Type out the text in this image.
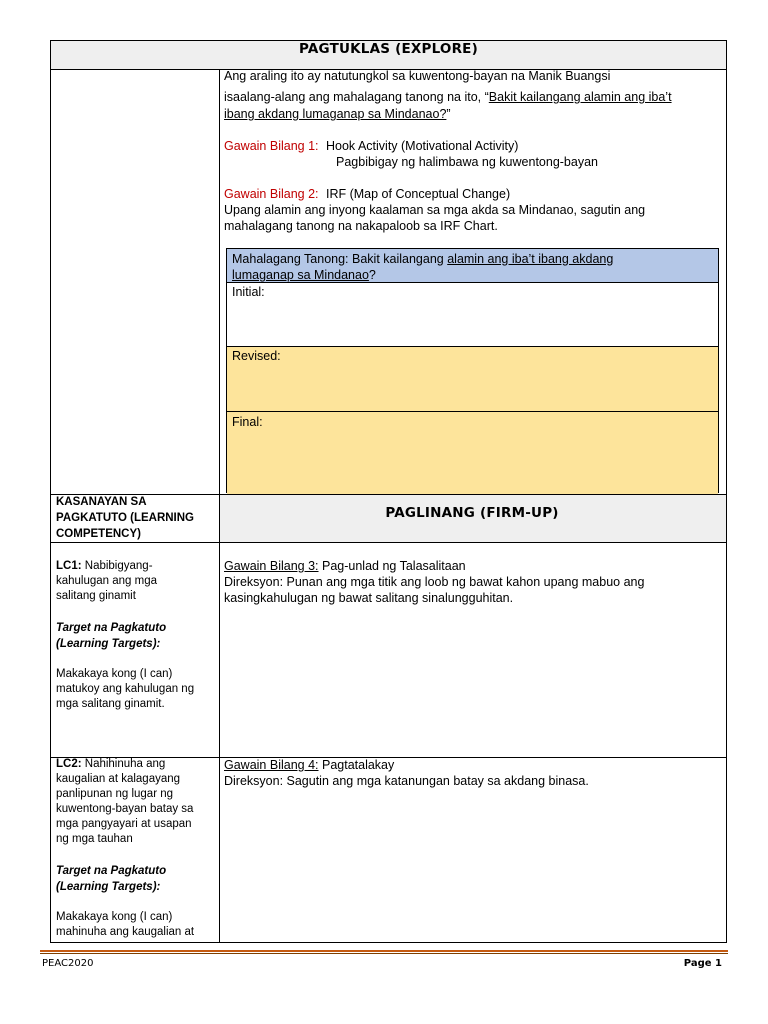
PAGTUKLAS (EXPLORE)
Ang araling ito ay natutungkol sa kuwentong-bayan na Manik Buangsi
isaalang-alang ang mahalagang tanong na ito, “Bakit kailangang alamin ang iba’t
ibang akdang lumaganap sa Mindanao?”
Gawain Bilang 1: Hook Activity (Motivational Activity)
Pagbibigay ng halimbawa ng kuwentong-bayan
Gawain Bilang 2: IRF (Map of Conceptual Change)
Upang alamin ang inyong kaalaman sa mga akda sa Mindanao, sagutin ang
mahalagang tanong na nakapaloob sa IRF Chart.
Mahalagang Tanong: Bakit kailangang alamin ang iba’t ibang akdang
lumaganap sa Mindanao?
Initial:
Revised:
Final:
KASANAYAN SA
PAGKATUTO (LEARNING
COMPETENCY)
PAGLINANG (FIRM-UP)
LC1: Nabibigyang-
kahulugan ang mga
salitang ginamit
Target na Pagkatuto
(Learning Targets):
Makakaya kong (I can)
matukoy ang kahulugan ng
mga salitang ginamit.
Gawain Bilang 3: Pag-unlad ng Talasalitaan
Direksyon: Punan ang mga titik ang loob ng bawat kahon upang mabuo ang
kasingkahulugan ng bawat salitang sinalungguhitan.
LC2: Nahihinuha ang
kaugalian at kalagayang
panlipunan ng lugar ng
kuwentong-bayan batay sa
mga pangyayari at usapan
ng mga tauhan
Target na Pagkatuto
(Learning Targets):
Makakaya kong (I can)
mahinuha ang kaugalian at
Gawain Bilang 4: Pagtatalakay
Direksyon: Sagutin ang mga katanungan batay sa akdang binasa.
PEAC2020	Page 1
